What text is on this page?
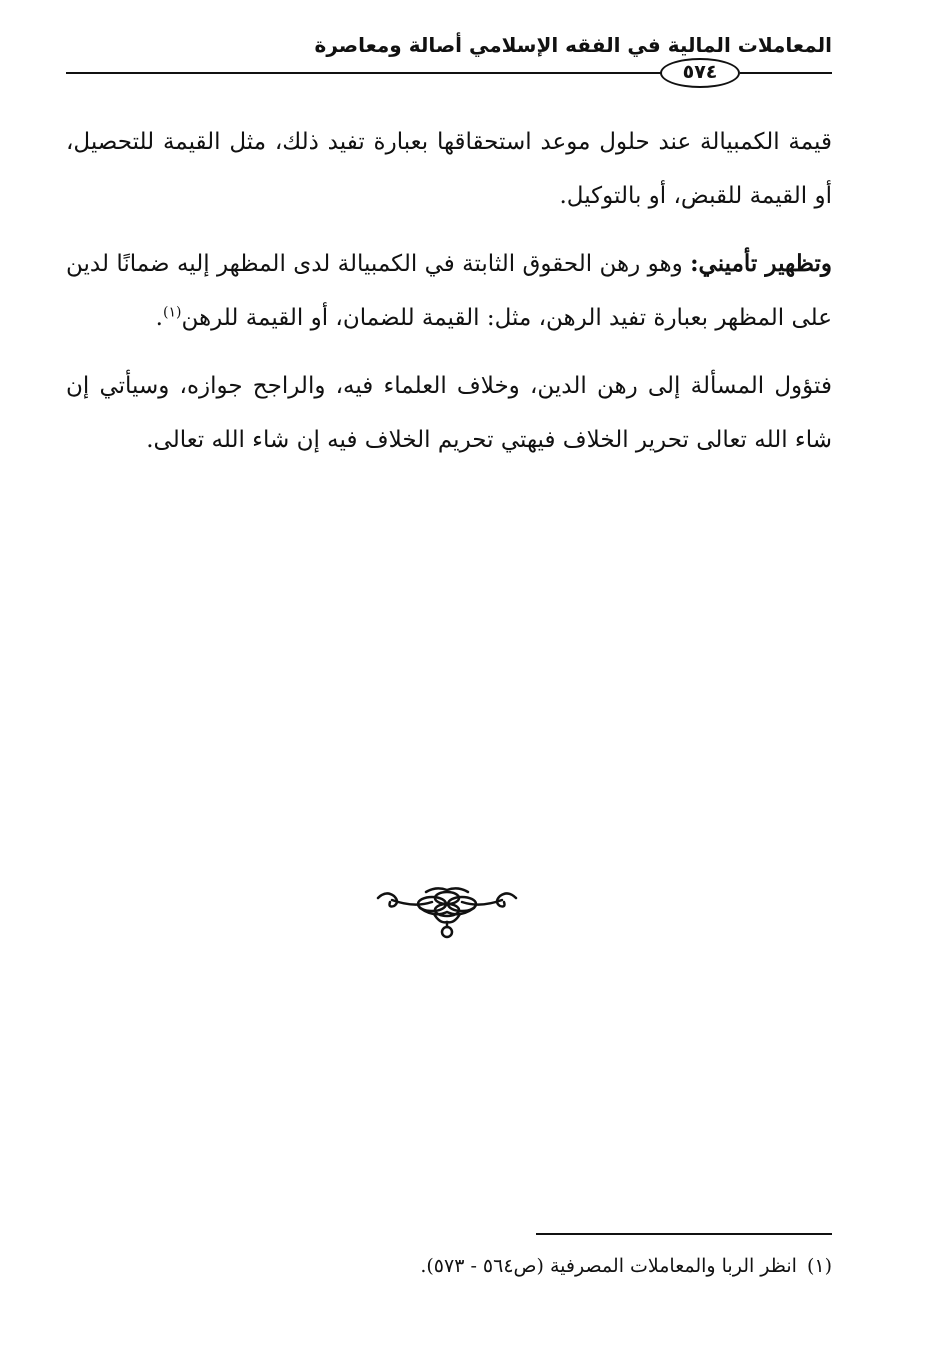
المعاملات المالية في الفقه الإسلامي أصالة ومعاصرة
٥٧٤

قيمة الكمبيالة عند حلول موعد استحقاقها بعبارة تفيد ذلك، مثل القيمة للتحصيل، أو القيمة للقبض، أو بالتوكيل.

وتظهير تأميني: وهو رهن الحقوق الثابتة في الكمبيالة لدى المظهر إليه ضمانًا لدين على المظهر بعبارة تفيد الرهن، مثل: القيمة للضمان، أو القيمة للرهن$^{(١)}$.

فتؤول المسألة إلى رهن الدين، وخلاف العلماء فيه، والراجح جوازه، وسيأتي إن شاء الله تعالى تحرير الخلاف فيهتي تحريم الخلاف فيه إن شاء الله تعالى.

(١)انظر الربا والمعاملات المصرفية (ص٥٦٤ - ٥٧٣).
